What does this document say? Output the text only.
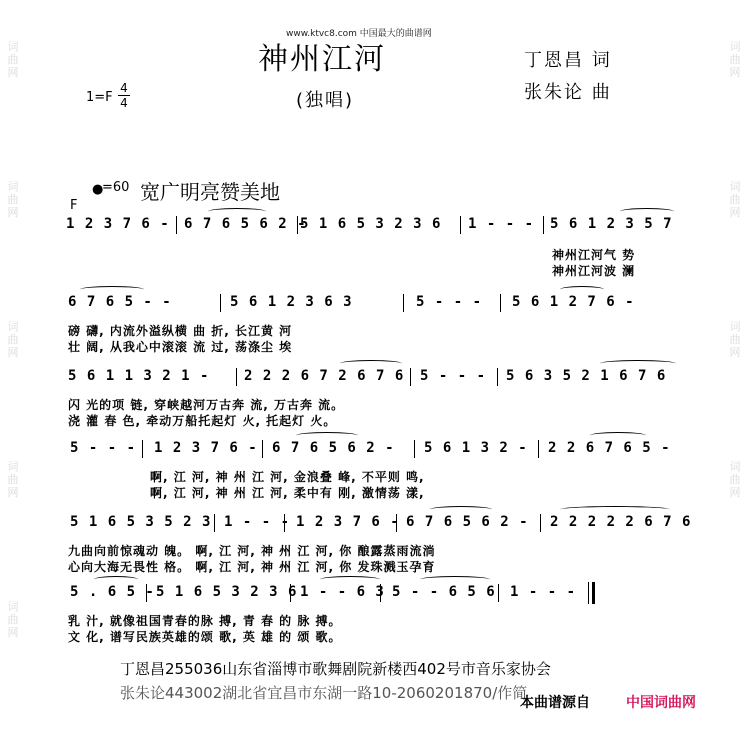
词
曲
网
词
曲
网
词
曲
网
词
曲
网
词
曲
网
词
曲
网
词
曲
网
词
曲
网
词
曲
网
www.ktvc8.com 中国最大的曲谱网
神州江河
(独唱)
丁恩昌 词
张朱论 曲
1=F
4
4
●
=60 宽广明亮赞美地
F
1 2 3 7 6 - 6 7 6 5 6 2 -
5 1 6 5 3 2 3 6 1 - - - 5 6 1 2 3 5 7
神州江河气 势
神州江河波 澜
6 7 6 5 - -	5 6 1 2 3 6 3	5 - - - 5 6 1 2 7 6 -
磅 礴, 内流外溢纵横 曲 折, 长江黄 河
壮 阔, 从我心中滚滚 流 过, 荡涤尘 埃
5 6 1 1 3 2 1 - 2 2 2 6 7 2 6 7 6 5 - - - 5 6 3 5 2 1 6 7 6
闪 光的项 链, 穿峡越河万古奔 流, 万古奔 流。
浇 灌 春 色, 牵动万船托起灯 火, 托起灯 火。
5 - - - 1 2 3 7 6 - 6 7 6 5 6 2 - 5 6 1 3 2 - 2 2 6 7 6 5 -
啊, 江 河, 神 州 江 河, 金浪叠 峰, 不平则 鸣,
啊, 江 河, 神 州 江 河, 柔中有 刚, 激情荡 漾,
5 1 6 5 3 5 2 3 1 - - - 1 2 3 7 6 - 6 7 6 5 6 2 - 2 2 2 2 2 6 7 6
九曲向前惊魂动 魄。 啊, 江 河, 神 州 江 河, 你 酿露蒸雨流淌
心向大海无畏性 格。 啊, 江 河, 神 州 江 河, 你 发珠溅玉孕育
5 . 6 5 - 5 1 6 5 3 2 3 6 1 - - 6 3 5 - - 6 5 6 1 - - -
乳 汁, 就像祖国青春的脉 搏, 青 春 的 脉 搏。
文 化, 谱写民族英雄的颂 歌, 英 雄 的 颂 歌。
丁恩昌255036山东省淄博市歌舞剧院新楼西402号市音乐家协会
张朱论443002湖北省宜昌市东湖一路10-2060201870/作简
本曲谱源自	中国词曲网
